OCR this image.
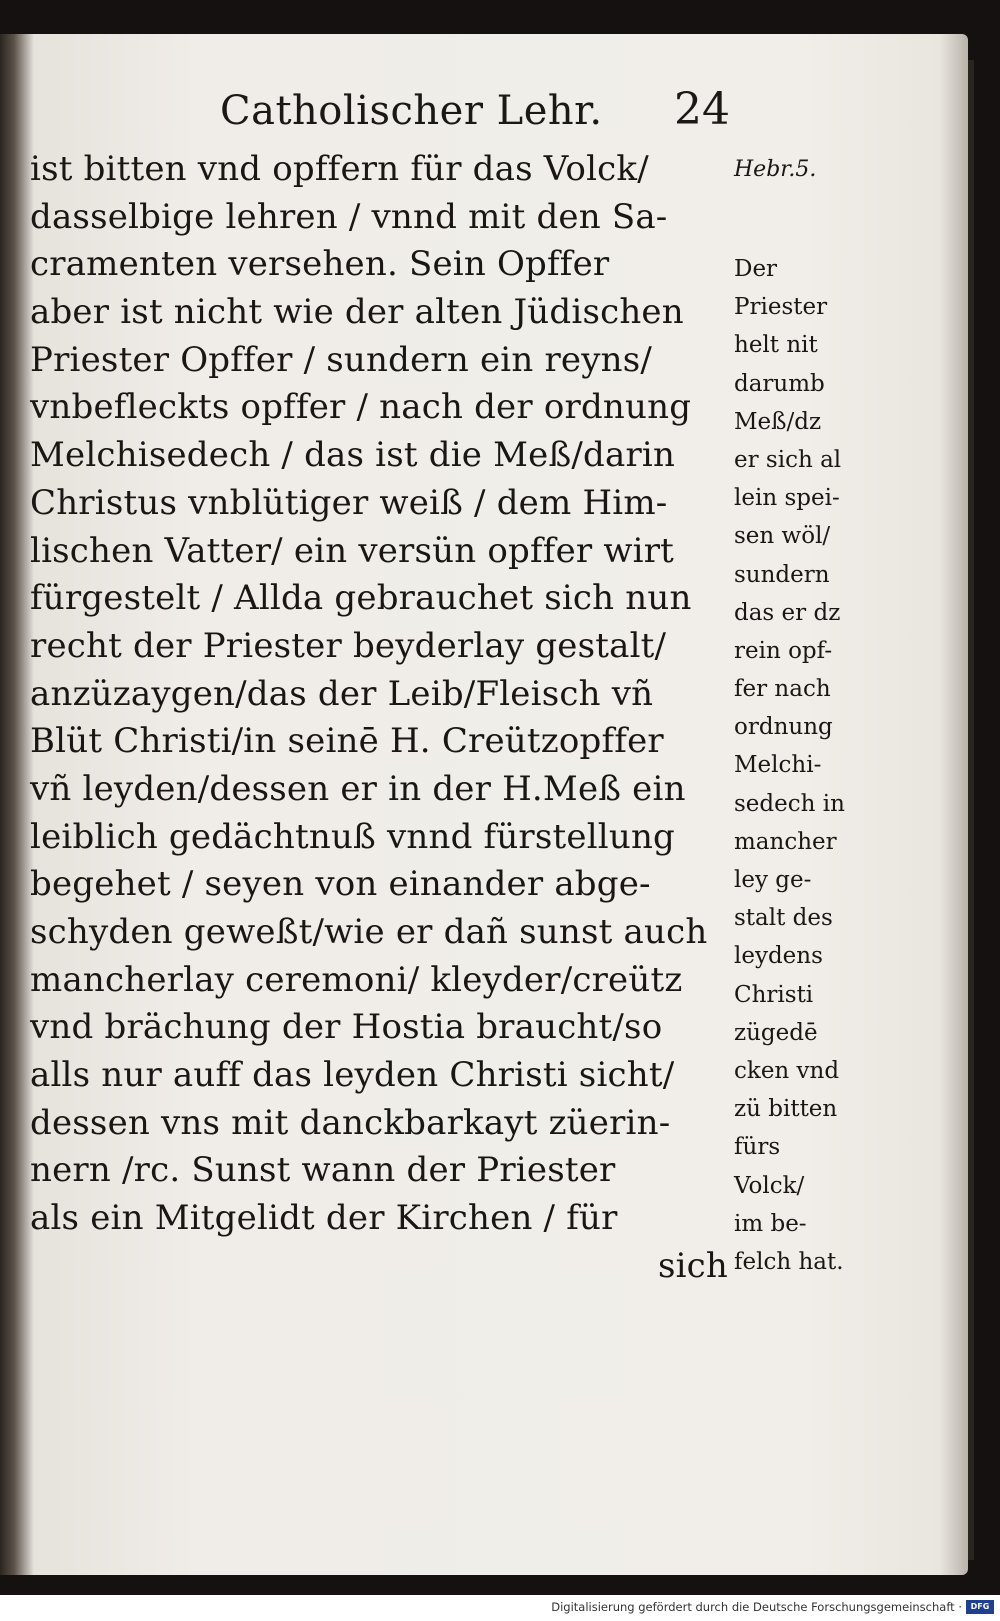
Catholischer Lehr. 24
ist bitten vnd opffern für das Volck/
dasselbige lehren / vnnd mit den Sa-
cramenten versehen. Sein Opffer
aber ist nicht wie der alten Jüdischen
Priester Opffer / sundern ein reyns/
vnbefleckts opffer / nach der ordnung
Melchisedech / das ist die Meß/darin
Christus vnblütiger weiß / dem Him-
lischen Vatter/ ein versün opffer wirt
fürgestelt / Allda gebrauchet sich nun
recht der Priester beyderlay gestalt/
anzüzaygen/das der Leib/Fleisch vñ
Blüt Christi/in seinē H. Creützopffer
vñ leyden/dessen er in der H.Meß ein
leiblich gedächtnuß vnnd fürstellung
begehet / seyen von einander abge-
schyden geweßt/wie er dañ sunst auch
mancherlay ceremoni/ kleyder/creütz
vnd brächung der Hostia braucht/so
alls nur auff das leyden Christi sicht/
dessen vns mit danckbarkayt züerin-
nern /rc. Sunst wann der Priester
als ein Mitgelidt der Kirchen / für
sich
Hebr.5.
Der
Priester
helt nit
darumb
Meß/dz
er sich al
lein spei-
sen wöl/
sundern
das er dz
rein opf-
fer nach
ordnung
Melchi-
sedech in
mancher
ley ge-
stalt des
leydens
Christi
zügedē
cken vnd
zü bitten
fürs
Volck/
im be-
felch hat.
Digitalisierung gefördert durch die Deutsche Forschungsgemeinschaft ·	DFG
